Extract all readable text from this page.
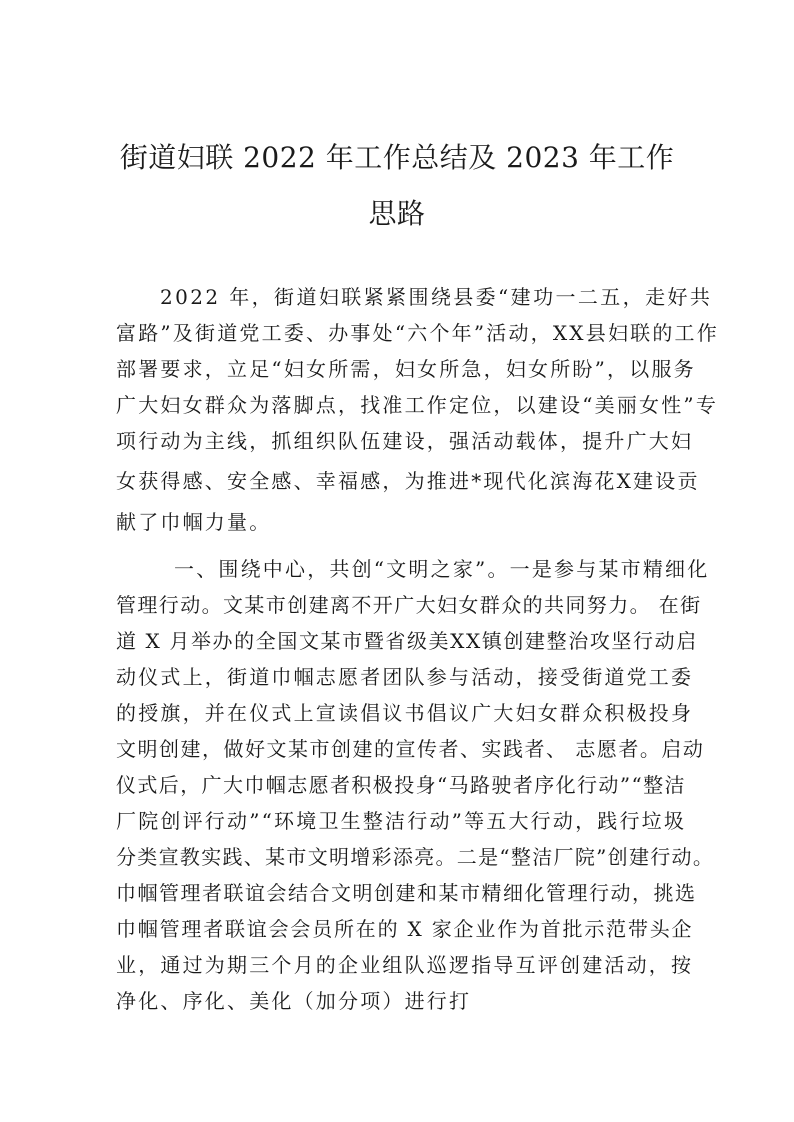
街道妇联 2022 年工作总结及 2023 年工作
思路
2022 年，街道妇联紧紧围绕县委“建功一二五，走好共
富路”及街道党工委、办事处“六个年”活动，XX县妇联的工作
部署要求，立足“妇女所需，妇女所急，妇女所盼”，以服务
广大妇女群众为落脚点，找准工作定位，以建设“美丽女性”专
项行动为主线，抓组织队伍建设，强活动载体，提升广大妇
女获得感、安全感、幸福感，为推进*现代化滨海花X建设贡
献了巾帼力量。
一、围绕中心，共创“文明之家”。一是参与某市精细化
管理行动。文某市创建离不开广大妇女群众的共同努力。 在街
道 X 月举办的全国文某市暨省级美XX镇创建整治攻坚行动启
动仪式上，街道巾帼志愿者团队参与活动，接受街道党工委
的授旗，并在仪式上宣读倡议书倡议广大妇女群众积极投身
文明创建，做好文某市创建的宣传者、实践者、 志愿者。启动
仪式后，广大巾帼志愿者积极投身“马路驶者序化行动”“整洁
厂院创评行动”“环境卫生整洁行动”等五大行动，践行垃圾
分类宣教实践、某市文明增彩添亮。二是“整洁厂院”创建行动。
巾帼管理者联谊会结合文明创建和某市精细化管理行动，挑选
巾帼管理者联谊会会员所在的 X 家企业作为首批示范带头企
业，通过为期三个月的企业组队巡逻指导互评创建活动，按
净化、序化、美化（加分项）进行打
